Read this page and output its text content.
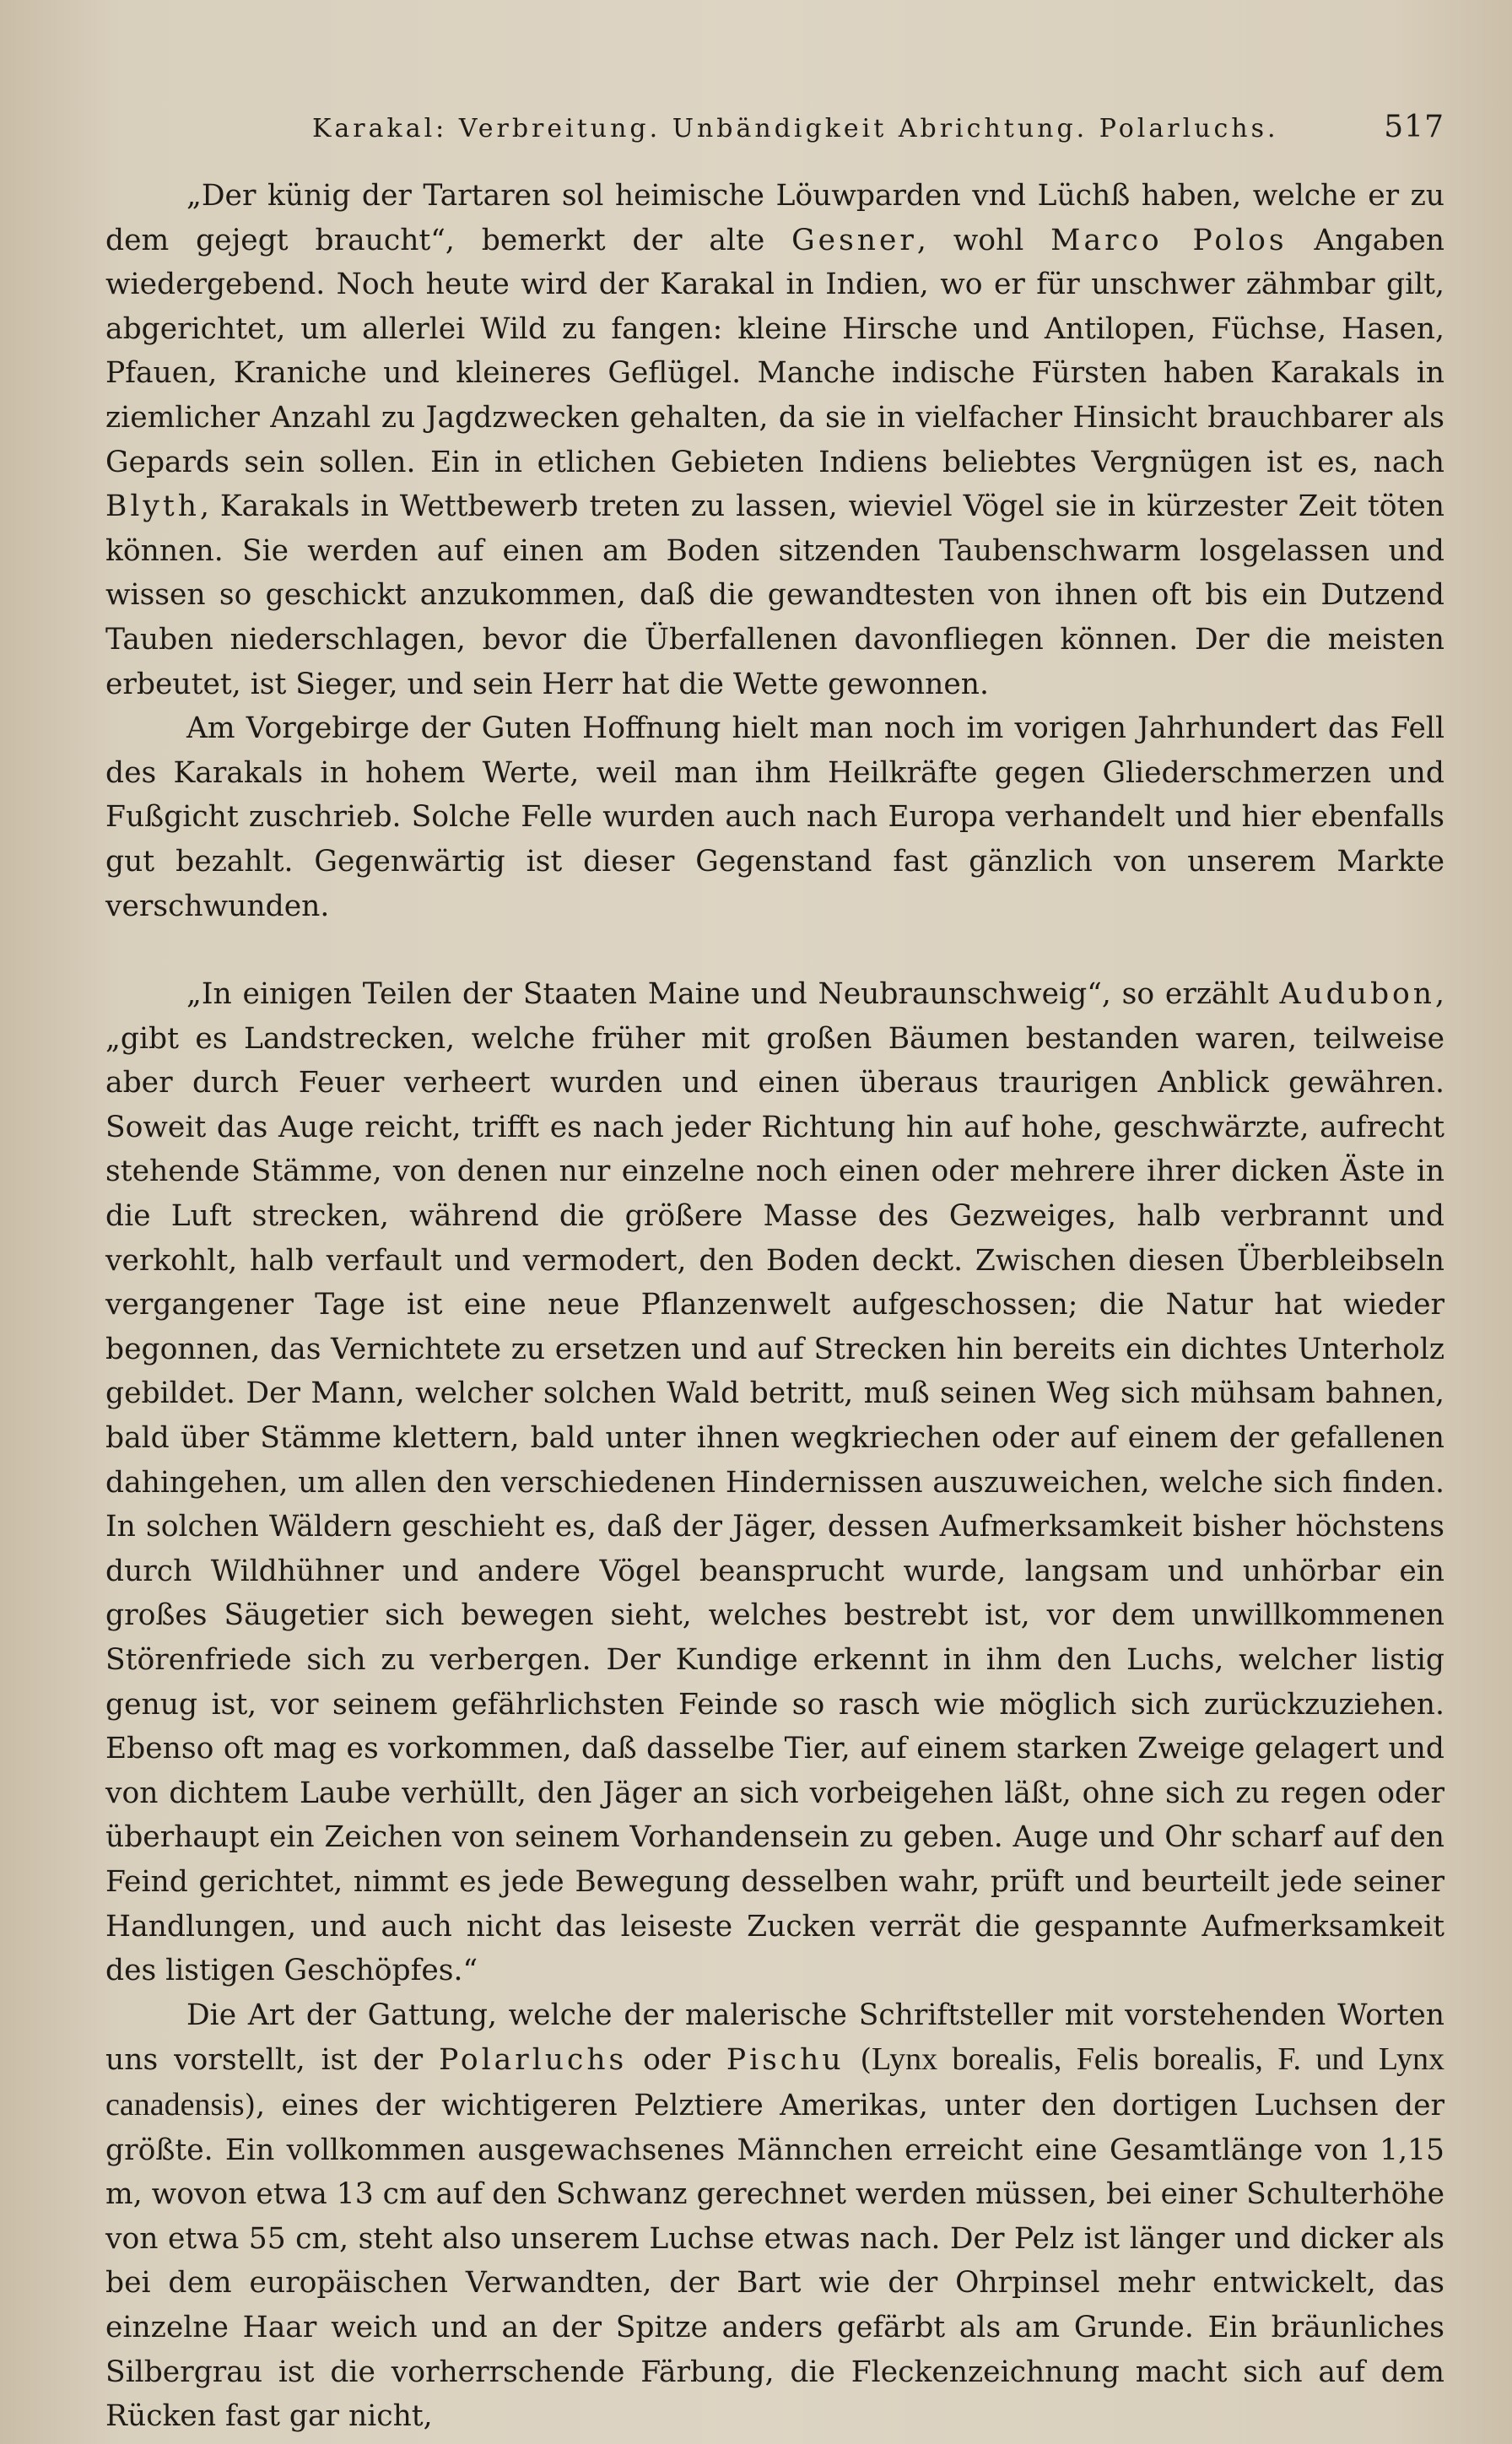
Karakal: Verbreitung. Unbändigkeit Abrichtung. Polarluchs.	517

„Der künig der Tartaren sol heimische Löuwparden vnd Lüchß haben, welche er zu dem gejegt braucht“, bemerkt der alte Gesner, wohl Marco Polos Angaben wiedergebend. Noch heute wird der Karakal in Indien, wo er für unschwer zähmbar gilt, abgerichtet, um allerlei Wild zu fangen: kleine Hirsche und Antilopen, Füchse, Hasen, Pfauen, Kraniche und kleineres Geflügel. Manche indische Fürsten haben Karakals in ziemlicher Anzahl zu Jagdzwecken gehalten, da sie in vielfacher Hinsicht brauchbarer als Gepards sein sollen. Ein in etlichen Gebieten Indiens beliebtes Vergnügen ist es, nach Blyth, Karakals in Wettbewerb treten zu lassen, wieviel Vögel sie in kürzester Zeit töten können. Sie werden auf einen am Boden sitzenden Taubenschwarm losgelassen und wissen so geschickt anzukommen, daß die gewandtesten von ihnen oft bis ein Dutzend Tauben niederschlagen, bevor die Überfallenen davonfliegen können. Der die meisten erbeutet, ist Sieger, und sein Herr hat die Wette gewonnen.

Am Vorgebirge der Guten Hoffnung hielt man noch im vorigen Jahrhundert das Fell des Karakals in hohem Werte, weil man ihm Heilkräfte gegen Gliederschmerzen und Fußgicht zuschrieb. Solche Felle wurden auch nach Europa verhandelt und hier ebenfalls gut bezahlt. Gegenwärtig ist dieser Gegenstand fast gänzlich von unserem Markte verschwunden.

„In einigen Teilen der Staaten Maine und Neubraunschweig“, so erzählt Audubon, „gibt es Landstrecken, welche früher mit großen Bäumen bestanden waren, teilweise aber durch Feuer verheert wurden und einen überaus traurigen Anblick gewähren. Soweit das Auge reicht, trifft es nach jeder Richtung hin auf hohe, geschwärzte, aufrecht stehende Stämme, von denen nur einzelne noch einen oder mehrere ihrer dicken Äste in die Luft strecken, während die größere Masse des Gezweiges, halb verbrannt und verkohlt, halb verfault und vermodert, den Boden deckt. Zwischen diesen Überbleibseln vergangener Tage ist eine neue Pflanzenwelt aufgeschossen; die Natur hat wieder begonnen, das Vernichtete zu ersetzen und auf Strecken hin bereits ein dichtes Unterholz gebildet. Der Mann, welcher solchen Wald betritt, muß seinen Weg sich mühsam bahnen, bald über Stämme klettern, bald unter ihnen wegkriechen oder auf einem der gefallenen dahingehen, um allen den verschiedenen Hindernissen auszuweichen, welche sich finden. In solchen Wäldern geschieht es, daß der Jäger, dessen Aufmerksamkeit bisher höchstens durch Wildhühner und andere Vögel beansprucht wurde, langsam und unhörbar ein großes Säugetier sich bewegen sieht, welches bestrebt ist, vor dem unwillkommenen Störenfriede sich zu verbergen. Der Kundige erkennt in ihm den Luchs, welcher listig genug ist, vor seinem gefährlichsten Feinde so rasch wie möglich sich zurückzuziehen. Ebenso oft mag es vorkommen, daß dasselbe Tier, auf einem starken Zweige gelagert und von dichtem Laube verhüllt, den Jäger an sich vorbeigehen läßt, ohne sich zu regen oder überhaupt ein Zeichen von seinem Vorhandensein zu geben. Auge und Ohr scharf auf den Feind gerichtet, nimmt es jede Bewegung desselben wahr, prüft und beurteilt jede seiner Handlungen, und auch nicht das leiseste Zucken verrät die gespannte Aufmerksamkeit des listigen Geschöpfes.“

Die Art der Gattung, welche der malerische Schriftsteller mit vorstehenden Worten uns vorstellt, ist der Polarluchs oder Pischu (Lynx borealis, Felis borealis, F. und Lynx canadensis), eines der wichtigeren Pelztiere Amerikas, unter den dortigen Luchsen der größte. Ein vollkommen ausgewachsenes Männchen erreicht eine Gesamtlänge von 1,15 m, wovon etwa 13 cm auf den Schwanz gerechnet werden müssen, bei einer Schulterhöhe von etwa 55 cm, steht also unserem Luchse etwas nach. Der Pelz ist länger und dicker als bei dem europäischen Verwandten, der Bart wie der Ohrpinsel mehr entwickelt, das einzelne Haar weich und an der Spitze anders gefärbt als am Grunde. Ein bräunliches Silbergrau ist die vorherrschende Färbung, die Fleckenzeichnung macht sich auf dem Rücken fast gar nicht,
